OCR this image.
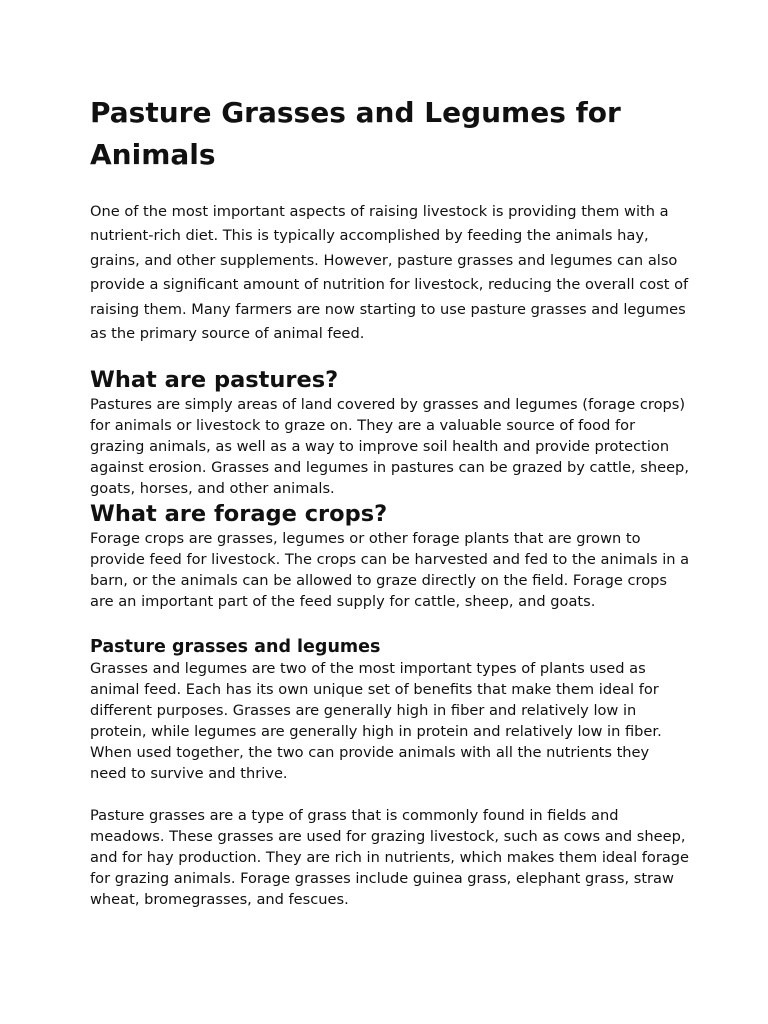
Pasture Grasses and Legumes for Animals

One of the most important aspects of raising livestock is providing them with a nutrient-rich diet. This is typically accomplished by feeding the animals hay, grains, and other supplements. However, pasture grasses and legumes can also provide a significant amount of nutrition for livestock, reducing the overall cost of raising them. Many farmers are now starting to use pasture grasses and legumes as the primary source of animal feed.

What are pastures?

Pastures are simply areas of land covered by grasses and legumes (forage crops) for animals or livestock to graze on. They are a valuable source of food for grazing animals, as well as a way to improve soil health and provide protection against erosion. Grasses and legumes in pastures can be grazed by cattle, sheep, goats, horses, and other animals.

What are forage crops?

Forage crops are grasses, legumes or other forage plants that are grown to provide feed for livestock. The crops can be harvested and fed to the animals in a barn, or the animals can be allowed to graze directly on the field. Forage crops are an important part of the feed supply for cattle, sheep, and goats.

Pasture grasses and legumes

Grasses and legumes are two of the most important types of plants used as animal feed. Each has its own unique set of benefits that make them ideal for different purposes. Grasses are generally high in fiber and relatively low in protein, while legumes are generally high in protein and relatively low in fiber. When used together, the two can provide animals with all the nutrients they need to survive and thrive.

Pasture grasses are a type of grass that is commonly found in fields and meadows. These grasses are used for grazing livestock, such as cows and sheep, and for hay production. They are rich in nutrients, which makes them ideal forage for grazing animals. Forage grasses include guinea grass, elephant grass, straw wheat, bromegrasses, and fescues.
